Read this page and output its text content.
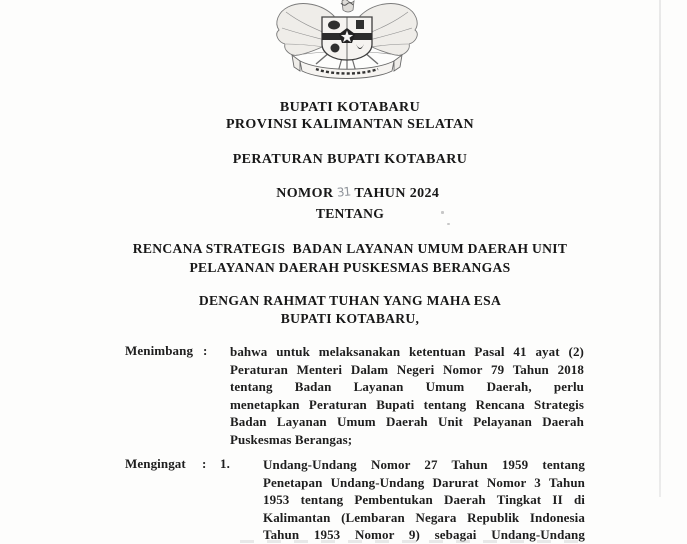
BUPATI KOTABARU
PROVINSI KALIMANTAN SELATAN
PERATURAN BUPATI KOTABARU

NOMOR 31 TAHUN 2024

TENTANG
RENCANA STRATEGIS  BADAN LAYANAN UMUM DAERAH UNIT
PELAYANAN DAERAH PUSKESMAS BERANGAS
DENGAN RAHMAT TUHAN YANG MAHA ESA
BUPATI KOTABARU,
Menimbang : bahwa untuk melaksanakan ketentuan Pasal 41 ayat (2)
Peraturan Menteri Dalam Negeri Nomor 79 Tahun 2018
tentang Badan Layanan Umum Daerah, perlu
menetapkan Peraturan Bupati tentang Rencana Strategis
Badan Layanan Umum Daerah Unit Pelayanan Daerah
Puskesmas Berangas;
Mengingat : 1.	Undang-Undang Nomor 27 Tahun 1959 tentang
Penetapan Undang-Undang Darurat Nomor 3 Tahun
1953 tentang Pembentukan Daerah Tingkat II di
Kalimantan (Lembaran Negara Republik Indonesia
Tahun 1953 Nomor 9) sebagai Undang-Undang
